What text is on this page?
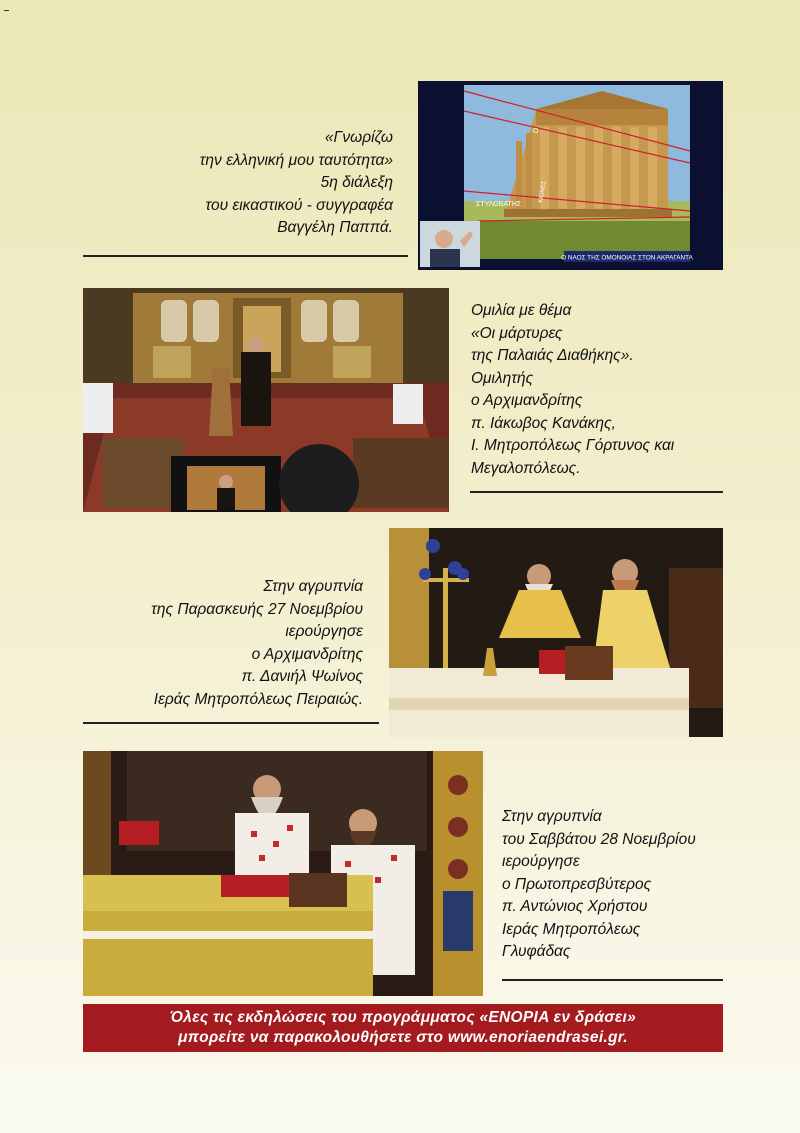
«Γνωρίζω
την ελληνική μου ταυτότητα»
5η διάλεξη
του εικαστικού - συγγραφέα
Βαγγέλη Παππά.
ΣΤΥΛΟΒΑΤΗΣ
ΚΙΟΝΕΣ
Ο
Ο ΝΑΟΣ ΤΗΣ ΟΜΟΝΟΙΑΣ ΣΤΟΝ ΑΚΡΑΓΑΝΤΑ
Ομιλία με θέμα
«Οι μάρτυρες
της Παλαιάς Διαθήκης».
Ομιλητής
ο Αρχιμανδρίτης
π. Ιάκωβος Κανάκης,
Ι. Μητροπόλεως Γόρτυνος και
Μεγαλοπόλεως.
Στην αγρυπνία
της Παρασκευής 27 Νοεμβρίου
ιερούργησε
ο Αρχιμανδρίτης
π. Δανιήλ Ψωίνος
Ιεράς Μητροπόλεως Πειραιώς.
Στην αγρυπνία
του Σαββάτου 28 Νοεμβρίου
ιερούργησε
ο Πρωτοπρεσβύτερος
π. Αντώνιος Χρήστου
Ιεράς Μητροπόλεως
Γλυφάδας
Όλες τις εκδηλώσεις του προγράμματος «ΕΝΟΡΙΑ εν δράσει»
μπορείτε να παρακολουθήσετε στο www.enoriaendrasei.gr.
